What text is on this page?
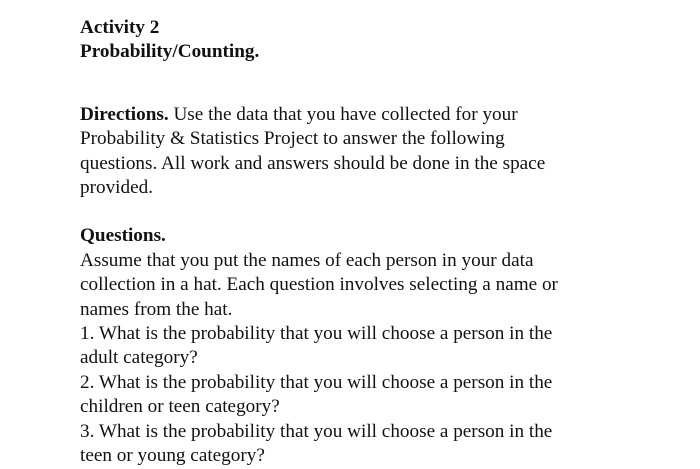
Activity 2
Probability/Counting.
Directions. Use the data that you have collected for your
Probability & Statistics Project to answer the following
questions. All work and answers should be done in the space
provided.
Questions.
Assume that you put the names of each person in your data
collection in a hat. Each question involves selecting a name or
names from the hat.
1. What is the probability that you will choose a person in the
adult category?
2. What is the probability that you will choose a person in the
children or teen category?
3. What is the probability that you will choose a person in the
teen or young category?
